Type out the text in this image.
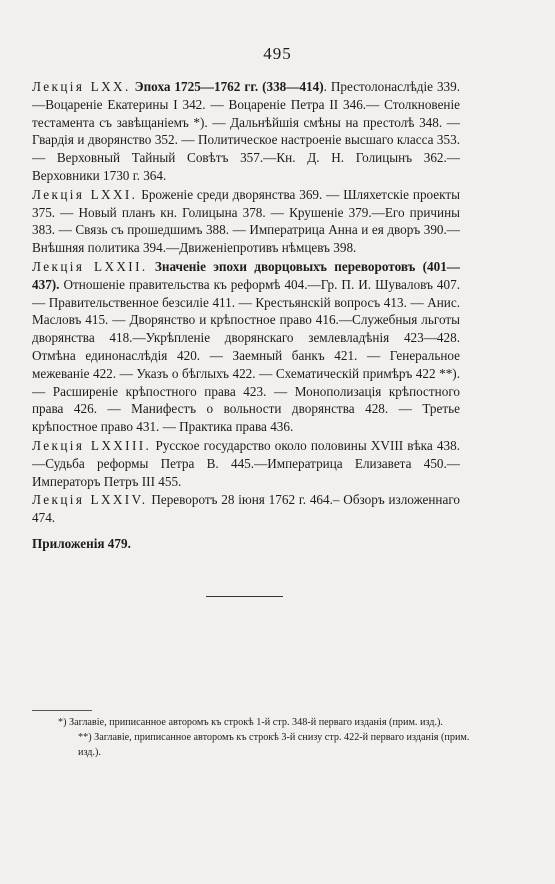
495

Лекція LXX. Эпоха 1725—1762 гг. (338—414). Престолонаслѣдіе 339.—Воцареніе Екатерины I 342. — Воцареніе Петра II 346.— Столкновеніе тестамента съ завѣщаніемъ *). — Дальнѣйшія смѣны на престолѣ 348. — Гвардія и дворянство 352. — Политическое настроеніе высшаго класса 353. — Верховный Тайный Совѣтъ 357.—Кн. Д. Н. Голицынъ 362.—Верховники 1730 г. 364.

Лекція LXXI. Броженіе среди дворянства 369. — Шляхетскіе проекты 375. — Новый планъ кн. Голицына 378. — Крушеніе 379.—Его причины 383. — Связь съ прошедшимъ 388. — Императрица Анна и ея дворъ 390.—Внѣшняя политика 394.—Движеніепротивъ нѣмцевъ 398.

Лекція LXXII. Значеніе эпохи дворцовыхъ переворотовъ (401—437). Отношеніе правительства къ реформѣ 404.—Гр. П. И. Шуваловъ 407. — Правительственное безсиліе 411. — Крестьянскій вопросъ 413. — Анис. Масловъ 415. — Дворянство и крѣпостное право 416.—Служебныя льготы дворянства 418.—Укрѣпленіе дворянскаго землевладѣнія 423—428. Отмѣна единонаслѣдія 420. — Заемный банкъ 421. — Генеральное межеваніе 422. — Указъ о бѣглыхъ 422. — Схематическій примѣръ 422 **). — Расширеніе крѣпостного права 423. — Монополизація крѣпостного права 426. — Манифестъ о вольности дворянства 428. — Третье крѣпостное право 431. — Практика права 436.

Лекція LXXIII. Русское государство около половины XVIII вѣка 438.—Судьба реформы Петра В. 445.—Императрица Елизавета 450.—Императоръ Петръ III 455.

Лекція LXXIV. Переворотъ 28 іюня 1762 г. 464.– Обзоръ изложеннаго 474.

Приложенія 479.

*) Заглавіе, приписанное авторомъ къ строкѣ 1-й стр. 348-й перваго изданія (прим. изд.).

**) Заглавіе, приписанное авторомъ къ строкѣ 3-й снизу стр. 422-й перваго изданія (прим. изд.).
